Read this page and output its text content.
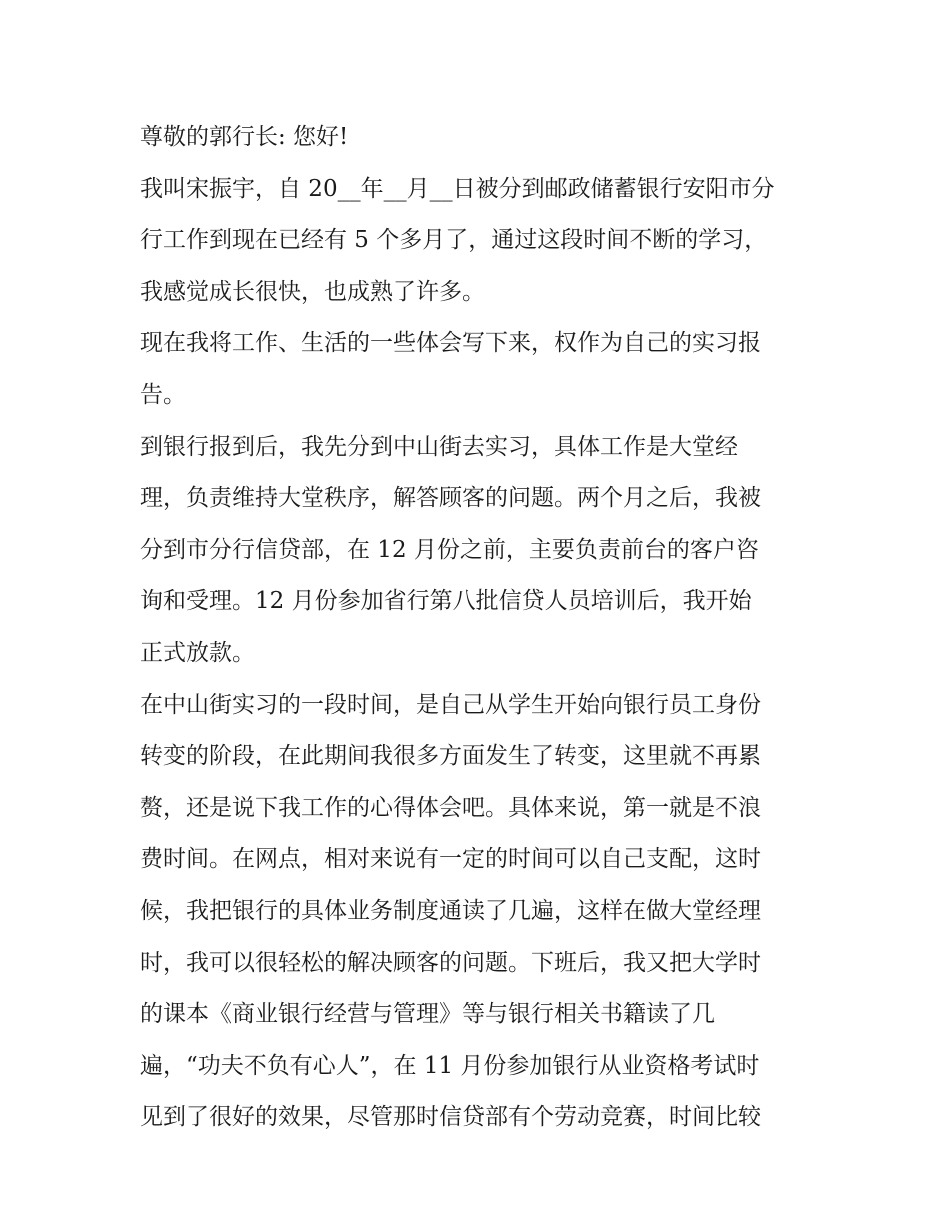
尊敬的郭行长: 您好!
我叫宋振宇，自 20__年__月__日被分到邮政储蓄银行安阳市分
行工作到现在已经有 5 个多月了，通过这段时间不断的学习，
我感觉成长很快，也成熟了许多。
现在我将工作、生活的一些体会写下来，权作为自己的实习报
告。
到银行报到后，我先分到中山街去实习，具体工作是大堂经
理，负责维持大堂秩序，解答顾客的问题。两个月之后，我被
分到市分行信贷部，在 12 月份之前，主要负责前台的客户咨
询和受理。12 月份参加省行第八批信贷人员培训后，我开始
正式放款。
在中山街实习的一段时间，是自己从学生开始向银行员工身份
转变的阶段，在此期间我很多方面发生了转变，这里就不再累
赘，还是说下我工作的心得体会吧。具体来说，第一就是不浪
费时间。在网点，相对来说有一定的时间可以自己支配，这时
候，我把银行的具体业务制度通读了几遍，这样在做大堂经理
时，我可以很轻松的解决顾客的问题。下班后，我又把大学时
的课本《商业银行经营与管理》等与银行相关书籍读了几
遍，“功夫不负有心人”，在 11 月份参加银行从业资格考试时
见到了很好的效果，尽管那时信贷部有个劳动竞赛，时间比较
